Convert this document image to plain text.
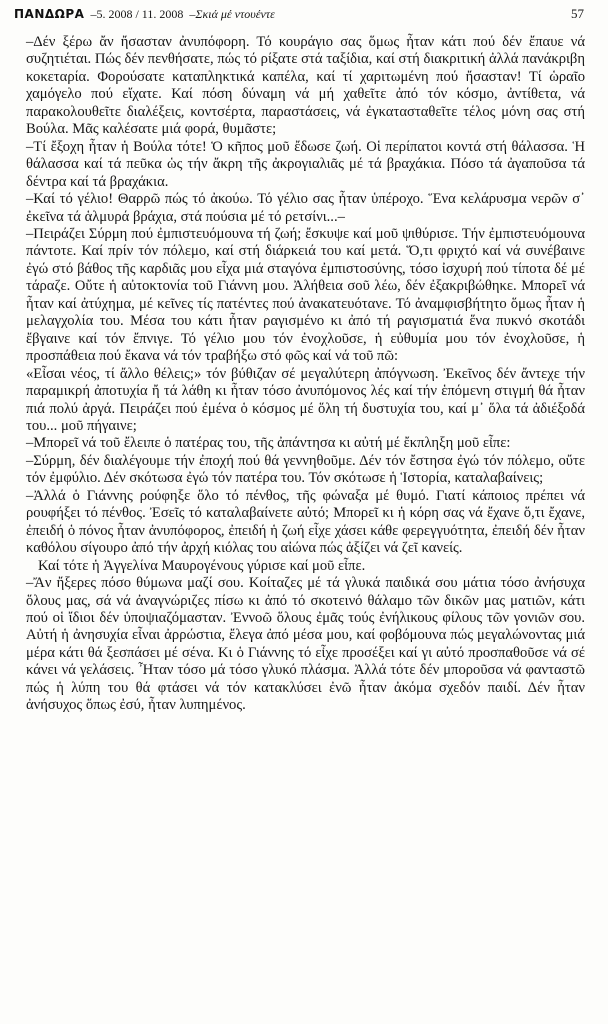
ΠΑΝΔΩΡΑ –5. 2008 / 11. 2008 –Σκιά μέ ντουέντε	57

–Δέν ξέρω ἄν ἤσασταν ἀνυπόφορη. Τό κουράγιο σας ὅμως ἦταν κάτι πού δέν ἔπαυε νά συζητιέται. Πώς δέν πενθήσατε, πώς τό ρίξατε στά ταξίδια, καί στή διακριτική ἀλλά πανάκριβη κοκεταρία. Φορούσατε καταπληκτικά καπέλα, καί τί χαριτωμένη πού ἤσασταν! Τί ὡραῖο χαμόγελο πού εἴχατε. Καί πόση δύναμη νά μή χαθεῖτε ἀπό τόν κόσμο, ἀντίθετα, νά παρακολουθεῖτε διαλέξεις, κοντσέρτα, παραστάσεις, νά ἐγκατασταθεῖτε τέλος μόνη σας στή Βούλα. Μᾶς καλέσατε μιά φορά, θυμᾶστε;

–Τί ἔξοχη ἦταν ἡ Βούλα τότε! Ὁ κῆπος μοῦ ἔδωσε ζωή. Οἱ περίπατοι κοντά στή θάλασσα. Ἡ θάλασσα καί τά πεῦκα ὡς τήν ἄκρη τῆς ἀκρογιαλιᾶς μέ τά βραχάκια. Πόσο τά ἀγαποῦσα τά δέντρα καί τά βραχάκια.

–Καί τό γέλιο! Θαρρῶ πώς τό ἀκούω. Τό γέλιο σας ἦταν ὑπέροχο. Ἕνα κελάρυσμα νερῶν σ᾿ ἐκεῖνα τά ἁλμυρά βράχια, στά πούσια μέ τό ρετσίνι...–

–Πειράζει Σύρμη πού ἐμπιστευόμουνα τή ζωή; ἔσκυψε καί μοῦ ψιθύρισε. Τήν ἐμπιστευόμουνα πάντοτε. Καί πρίν τόν πόλεμο, καί στή διάρκειά του καί μετά. Ὅ,τι φριχτό καί νά συνέβαινε ἐγώ στό βάθος τῆς καρδιᾶς μου εἶχα μιά σταγόνα ἐμπιστοσύνης, τόσο ἰσχυρή πού τίποτα δέ μέ τάραζε. Οὔτε ἡ αὐτοκτονία τοῦ Γιάννη μου. Ἀλήθεια σοῦ λέω, δέν ἐξακριβώθηκε. Μπορεῖ νά ἦταν καί ἀτύχημα, μέ κεῖνες τίς πατέντες πού ἀνακατευότανε. Τό ἀναμφισβήτητο ὅμως ἦταν ἡ μελαγχολία του. Μέσα του κάτι ἦταν ραγισμένο κι ἀπό τή ραγισματιά ἕνα πυκνό σκοτάδι ἔβγαινε καί τόν ἔπνιγε. Τό γέλιο μου τόν ἐνοχλοῦσε, ἡ εὐθυμία μου τόν ἐνοχλοῦσε, ἡ προσπάθεια πού ἔκανα νά τόν τραβήξω στό φῶς καί νά τοῦ πῶ:

«Εἶσαι νέος, τί ἄλλο θέλεις;» τόν βύθιζαν σέ μεγαλύτερη ἀπόγνωση. Ἐκεῖνος δέν ἄντεχε τήν παραμικρή ἀποτυχία ἤ τά λάθη κι ἦταν τόσο ἀνυπόμονος λές καί τήν ἑπόμενη στιγμή θά ἦταν πιά πολύ ἀργά. Πειράζει πού ἐμένα ὁ κόσμος μέ ὅλη τή δυστυχία του, καί μ᾿ ὅλα τά ἀδιέξοδά του... μοῦ πήγαινε;

–Μπορεῖ νά τοῦ ἔλειπε ὁ πατέρας του, τῆς ἀπάντησα κι αὐτή μέ ἔκπληξη μοῦ εἶπε:

–Σύρμη, δέν διαλέγουμε τήν ἐποχή πού θά γεννηθοῦμε. Δέν τόν ἔστησα ἐγώ τόν πόλεμο, οὔτε τόν ἐμφύλιο. Δέν σκότωσα ἐγώ τόν πατέρα του. Τόν σκότωσε ἡ Ἱστορία, καταλαβαίνεις;

–Ἀλλά ὁ Γιάννης ρούφηξε ὅλο τό πένθος, τῆς φώναξα μέ θυμό. Γιατί κάποιος πρέπει νά ρουφήξει τό πένθος. Ἐσεῖς τό καταλαβαίνετε αὐτό; Μπορεῖ κι ἡ κόρη σας νά ἔχανε ὅ,τι ἔχανε, ἐπειδή ὁ πόνος ἦταν ἀνυπόφορος, ἐπειδή ἡ ζωή εἶχε χάσει κάθε φερεγγυότητα, ἐπειδή δέν ἦταν καθόλου σίγουρο ἀπό τήν ἀρχή κιόλας του αἰώνα πώς ἀξίζει νά ζεῖ κανείς.

Καί τότε ἡ Ἀγγελίνα Μαυρογένους γύρισε καί μοῦ εἶπε.

–Ἄν ἤξερες πόσο θύμωνα μαζί σου. Κοίταζες μέ τά γλυκά παιδικά σου μάτια τόσο ἀνήσυχα ὅλους μας, σά νά ἀναγνώριζες πίσω κι ἀπό τό σκοτεινό θάλαμο τῶν δικῶν μας ματιῶν, κάτι πού οἱ ἴδιοι δέν ὑποψιαζόμασταν. Ἐννοῶ ὅλους ἐμᾶς τούς ἐνήλικους φίλους τῶν γονιῶν σου. Αὐτή ἡ ἀνησυχία εἶναι ἀρρώστια, ἔλεγα ἀπό μέσα μου, καί φοβόμουνα πώς μεγαλώνοντας μιά μέρα κάτι θά ξεσπάσει μέ σένα. Κι ὁ Γιάννης τό εἶχε προσέξει καί γι αὐτό προσπαθοῦσε νά σέ κάνει νά γελάσεις. Ἦταν τόσο μά τόσο γλυκό πλάσμα. Ἀλλά τότε δέν μποροῦσα νά φανταστῶ πώς ἡ λύπη του θά φτάσει νά τόν κατακλύσει ἐνῶ ἦταν ἀκόμα σχεδόν παιδί. Δέν ἦταν ἀνήσυχος ὅπως ἐσύ, ἦταν λυπημένος.
